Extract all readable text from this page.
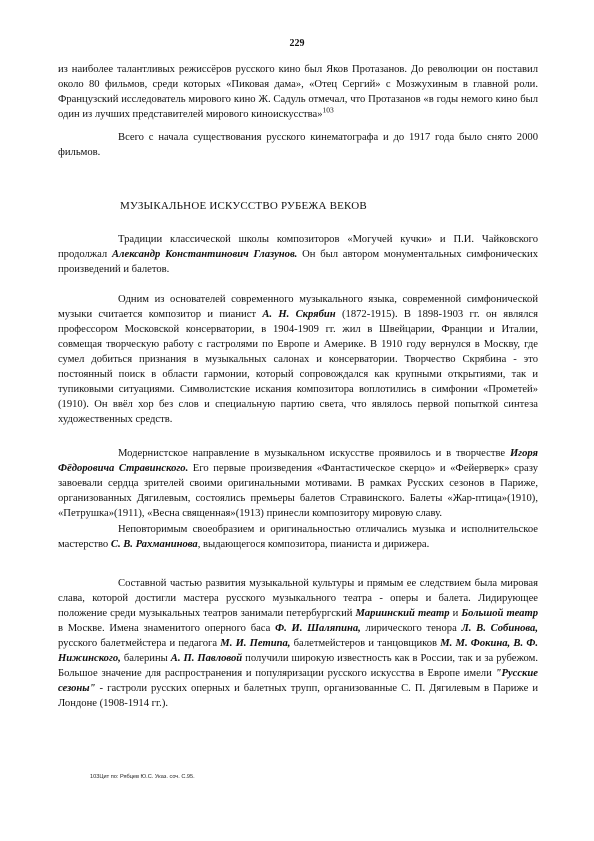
229
из наиболее талантливых режиссёров русского кино был Яков Протазанов. До революции он поставил около 80 фильмов, среди которых «Пиковая дама», «Отец Сергий» с Мозжухиным в главной роли. Французский исследователь мирового кино Ж. Садуль отмечал, что Протазанов «в годы немого кино был один из лучших представителей мирового киноискусства»$^{103}$
Всего с начала существования русского кинематографа и до 1917 года было снято 2000 фильмов.
МУЗЫКАЛЬНОЕ ИСКУССТВО РУБЕЖА ВЕКОВ
Традиции классической школы композиторов «Могучей кучки» и П.И. Чайковского продолжал Александр Константинович Глазунов. Он был автором монументальных симфонических произведений и балетов.
Одним из основателей современного музыкального языка, современной симфонической музыки считается композитор и пианист А. Н. Скрябин (1872-1915). В 1898-1903 гг. он являлся профессором Московской консерватории, в 1904-1909 гг. жил в Швейцарии, Франции и Италии, совмещая творческую работу с гастролями по Европе и Америке. В 1910 году вернулся в Москву, где сумел добиться признания в музыкальных салонах и консерватории. Творчество Скрябина - это постоянный поиск в области гармонии, который сопровождался как крупными открытиями, так и тупиковыми ситуациями. Символистские искания композитора воплотились в симфонии «Прометей» (1910). Он ввёл хор без слов и специальную партию света, что являлось первой попыткой синтеза художественных средств.
Модернистское направление в музыкальном искусстве проявилось и в творчестве Игоря Фёдоровича Стравинского. Его первые произведения «Фантастическое скерцо» и «Фейерверк» сразу завоевали сердца зрителей своими оригинальными мотивами. В рамках Русских сезонов в Париже, организованных Дягилевым, состоялись премьеры балетов Стравинского. Балеты «Жар-птица»(1910), «Петрушка»(1911), «Весна священная»(1913) принесли композитору мировую славу.
Неповторимым своеобразием и оригинальностью отличались музыка и исполнительское мастерство С. В. Рахманинова, выдающегося композитора, пианиста и дирижера.
Составной частью развития музыкальной культуры и прямым ее следствием была мировая слава, которой достигли мастера русского музыкального театра - оперы и балета. Лидирующее положение среди музыкальных театров занимали петербургский Мариинский театр и Большой театр в Москве. Имена знаменитого оперного баса Ф. И. Шаляпина, лирического тенора Л. В. Собинова, русского балетмейстера и педагога М. И. Петипа, балетмейстеров и танцовщиков М. М. Фокина, В. Ф. Нижинского, балерины А. П. Павловой получили широкую известность как в России, так и за рубежом. Большое значение для распространения и популяризации русского искусства в Европе имели "Русские сезоны" - гастроли русских оперных и балетных трупп, организованные С. П. Дягилевым в Париже и Лондоне (1908-1914 гг.).
103Цит по: Рябцев Ю.С. Указ. соч. С.95.
